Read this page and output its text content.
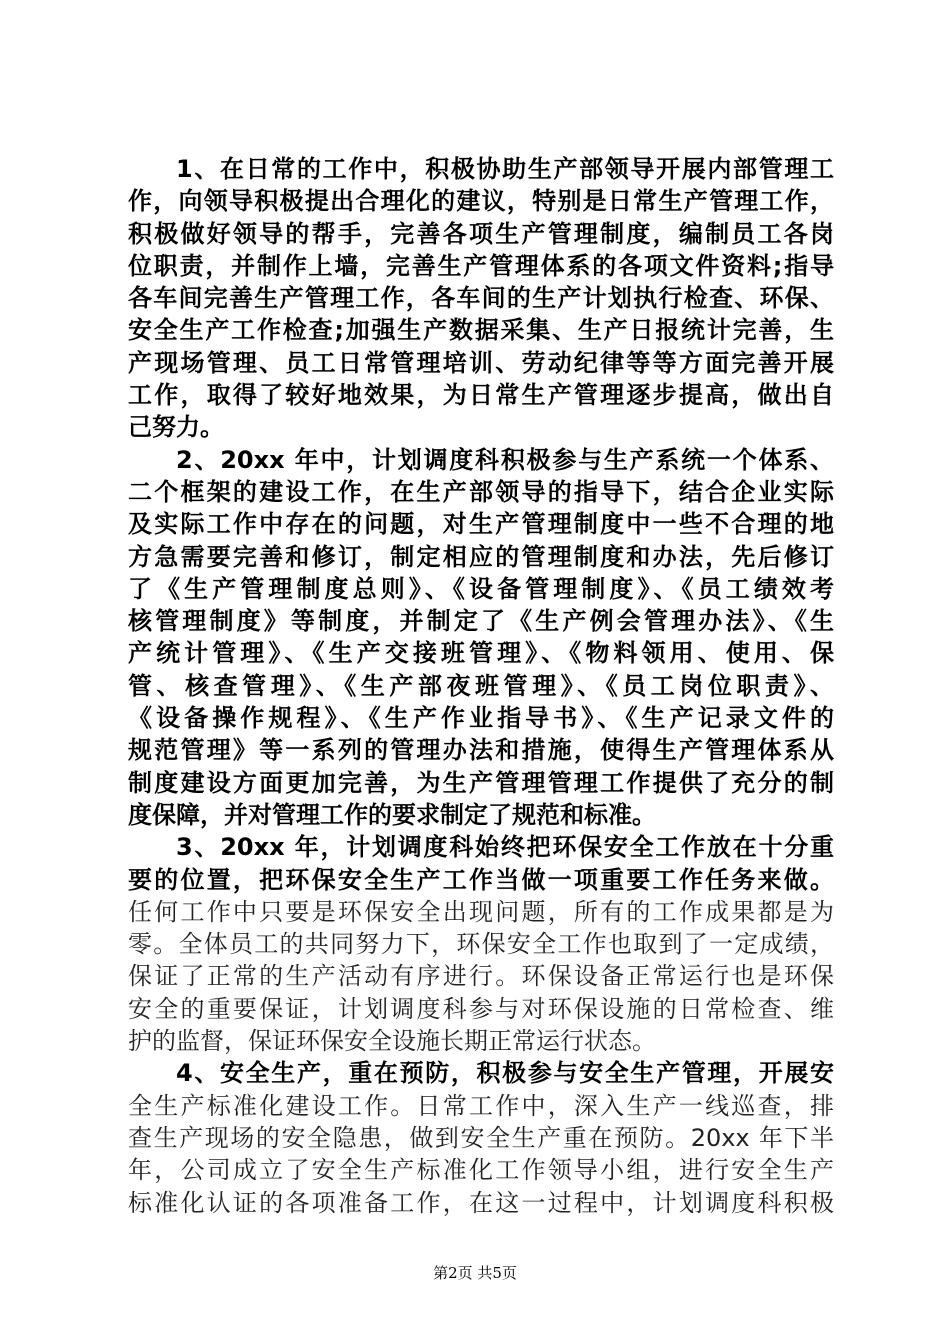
1、在日常的工作中，积极协助生产部领导开展内部管理工
作，向领导积极提出合理化的建议，特别是日常生产管理工作，
积极做好领导的帮手，完善各项生产管理制度，编制员工各岗
位职责，并制作上墙，完善生产管理体系的各项文件资料;指导
各车间完善生产管理工作，各车间的生产计划执行检查、环保、
安全生产工作检查;加强生产数据采集、生产日报统计完善，生
产现场管理、员工日常管理培训、劳动纪律等等方面完善开展
工作，取得了较好地效果，为日常生产管理逐步提高，做出自
己努力。
2、20xx 年中，计划调度科积极参与生产系统一个体系、
二个框架的建设工作，在生产部领导的指导下，结合企业实际
及实际工作中存在的问题，对生产管理制度中一些不合理的地
方急需要完善和修订，制定相应的管理制度和办法，先后修订
了《生产管理制度总则》、《设备管理制度》、《员工绩效考
核管理制度》等制度，并制定了《生产例会管理办法》、《生
产统计管理》、《生产交接班管理》、《物料领用、使用、保
管、核查管理》、《生产部夜班管理》、《员工岗位职责》、
《设备操作规程》、《生产作业指导书》、《生产记录文件的
规范管理》等一系列的管理办法和措施，使得生产管理体系从
制度建设方面更加完善，为生产管理管理工作提供了充分的制
度保障，并对管理工作的要求制定了规范和标准。
3、20xx 年，计划调度科始终把环保安全工作放在十分重
要的位置，把环保安全生产工作当做一项重要工作任务来做。
任何工作中只要是环保安全出现问题，所有的工作成果都是为
零。全体员工的共同努力下，环保安全工作也取到了一定成绩，
保证了正常的生产活动有序进行。环保设备正常运行也是环保
安全的重要保证，计划调度科参与对环保设施的日常检查、维
护的监督，保证环保安全设施长期正常运行状态。
4、安全生产，重在预防，积极参与安全生产管理，开展安
全生产标准化建设工作。日常工作中，深入生产一线巡查，排
查生产现场的安全隐患，做到安全生产重在预防。20xx 年下半
年，公司成立了安全生产标准化工作领导小组，进行安全生产
标准化认证的各项准备工作，在这一过程中，计划调度科积极
第2页 共5页
